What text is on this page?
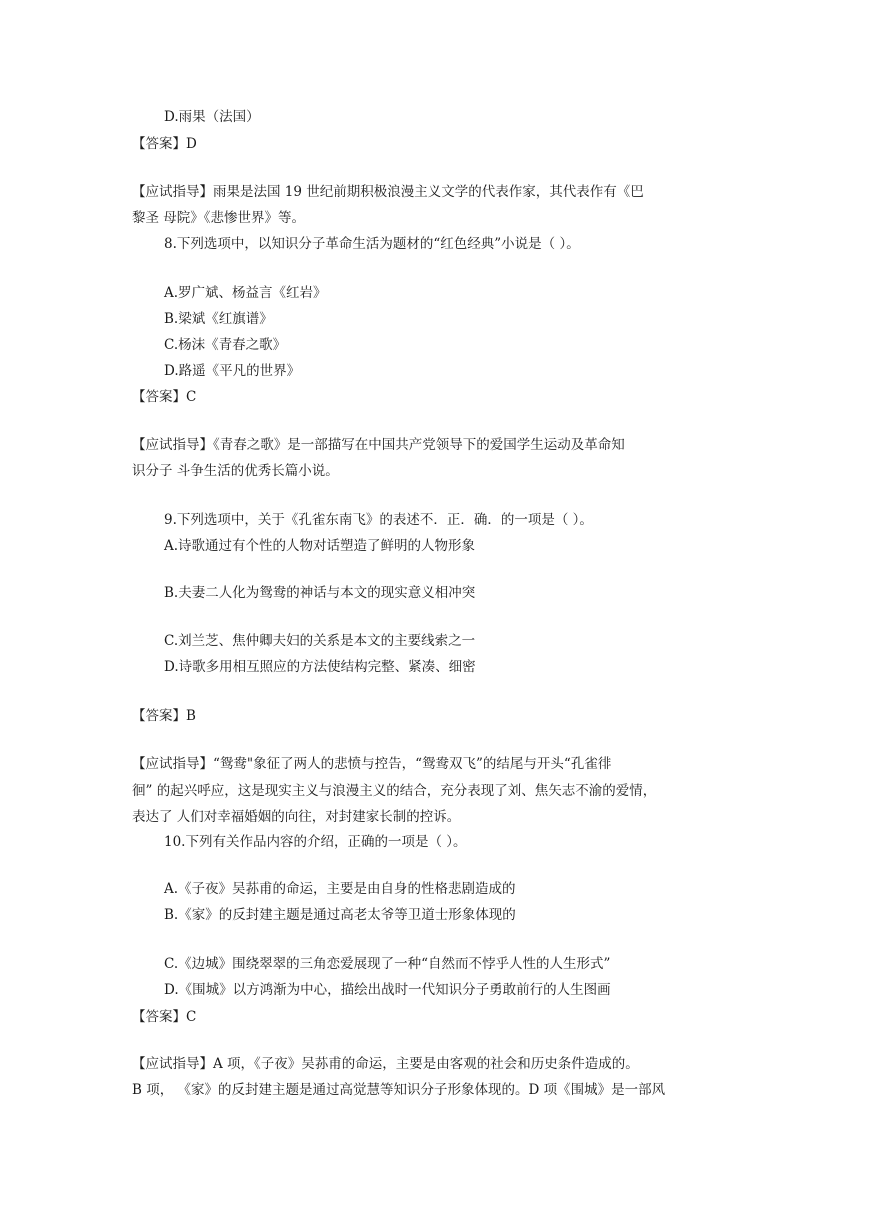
D.雨果（法国）
【答案】D
【应试指导】雨果是法国 19 世纪前期积极浪漫主义文学的代表作家，其代表作有《巴
黎圣 母院》《悲惨世界》等。
8.下列选项中，以知识分子革命生活为题材的“红色经典”小说是（ ）。
A.罗广斌、杨益言《红岩》
B.梁斌《红旗谱》
C.杨沫《青春之歌》
D.路遥《平凡的世界》
【答案】C
【应试指导】《青春之歌》是一部描写在中国共产党领导下的爱国学生运动及革命知
识分子 斗争生活的优秀长篇小说。
9.下列选项中，关于《孔雀东南飞》的表述不．正．确．的一项是（ ）。
A.诗歌通过有个性的人物对话塑造了鲜明的人物形象
B.夫妻二人化为鸳鸯的神话与本文的现实意义相冲突
C.刘兰芝、焦仲卿夫妇的关系是本文的主要线索之一
D.诗歌多用相互照应的方法使结构完整、紧凑、细密
【答案】B
【应试指导】“鸳鸯"象征了两人的悲愤与控告，“鸳鸯双飞”的结尾与开头“孔雀徘
徊” 的起兴呼应，这是现实主义与浪漫主义的结合，充分表现了刘、焦矢志不渝的爱情，
表达了 人们对幸福婚姻的向往，对封建家长制的控诉。
10.下列有关作品内容的介绍，正确的一项是（ ）。
A.《子夜》吴荪甫的命运，主要是由自身的性格悲剧造成的
B.《家》的反封建主题是通过高老太爷等卫道士形象体现的
C.《边城》围绕翠翠的三角恋爱展现了一种“自然而不悖乎人性的人生形式”
D.《围城》以方鸿渐为中心，描绘出战时一代知识分子勇敢前行的人生图画
【答案】C
【应试指导】A 项，《子夜》吴荪甫的命运，主要是由客观的社会和历史条件造成的。
B 项， 《家》的反封建主题是通过高觉慧等知识分子形象体现的。D 项《围城》是一部风
